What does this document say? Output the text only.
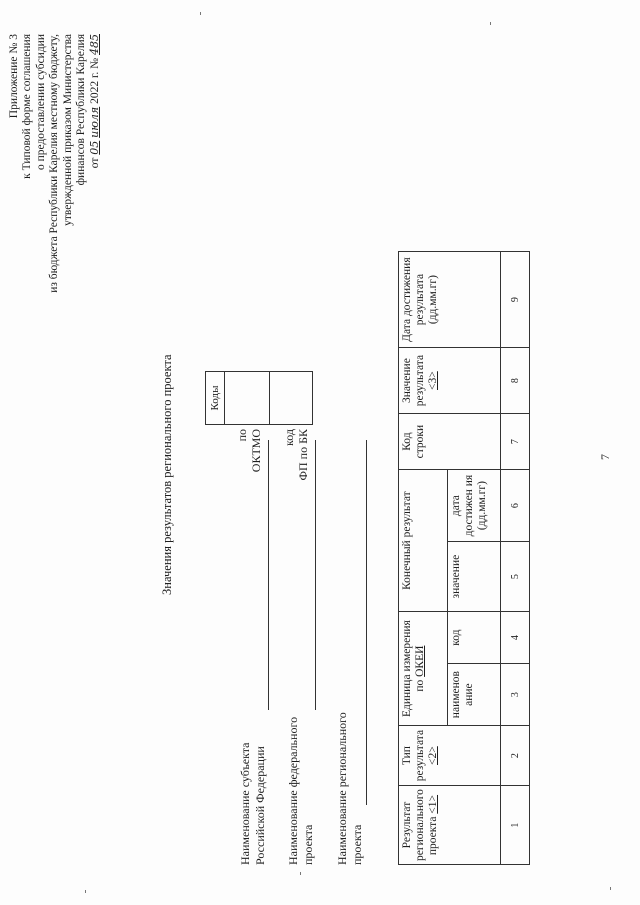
Приложение № 3 к Типовой форме соглашения о предоставлении субсидии из бюджета Республики Карелия местному бюджету, утвержденной приказом Министерства финансов Республики Карелия от 05 июля 2022 г. № 485
Значения результатов регионального проекта
Наименование субъекта Российской Федерации Наименование федерального проекта Наименование регионального проекта
по ОКТМО код ФП по БК
Коды

Результат регионального проекта <1>	Тип результата <2>	Единица измерения по ОКЕИ		Конечный результат		Код строки	Значение результата <3>	Дата достижения результата (дд.мм.гг)
		наименов ание	код	значение	дата достижен ия (дд.мм.гг)			
1	2	3	4	5	6	7	8	9
7
